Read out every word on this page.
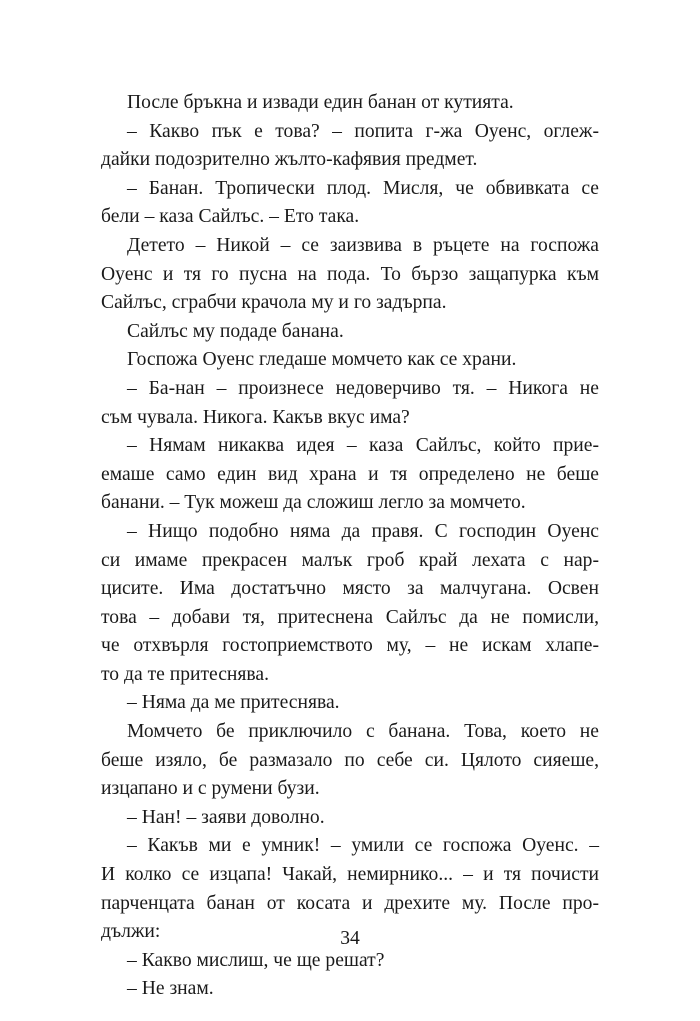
После бръкна и извади един банан от кутията.
– Какво пък е това? – попита г-жа Оуенс, оглеж-
дайки подозрително жълто-кафявия предмет.
– Банан. Тропически плод. Мисля, че обвивката се
бели – каза Сайлъс. – Ето така.
Детето – Никой – се заизвива в ръцете на госпожа
Оуенс и тя го пусна на пода. То бързо защапурка към
Сайлъс, сграбчи крачола му и го задърпа.
Сайлъс му подаде банана.
Госпожа Оуенс гледаше момчето как се храни.
– Ба-нан – произнесе недоверчиво тя. – Никога не
съм чувала. Никога. Какъв вкус има?
– Нямам никаква идея – каза Сайлъс, който прие-
емаше само един вид храна и тя определено не беше
банани. – Тук можеш да сложиш легло за момчето.
– Нищо подобно няма да правя. С господин Оуенс
си имаме прекрасен малък гроб край лехата с нар-
цисите. Има достатъчно място за малчугана. Освен
това – добави тя, притеснена Сайлъс да не помисли,
че отхвърля гостоприемството му, – не искам хлапе-
то да те притеснява.
– Няма да ме притеснява.
Момчето бе приключило с банана. Това, което не
беше изяло, бе размазало по себе си. Цялото сияеше,
изцапано и с румени бузи.
– Нан! – заяви доволно.
– Какъв ми е умник! – умили се госпожа Оуенс. –
И колко се изцапа! Чакай, немирнико... – и тя почисти
парченцата банан от косата и дрехите му. После про-
дължи:
– Какво мислиш, че ще решат?
– Не знам.
34
